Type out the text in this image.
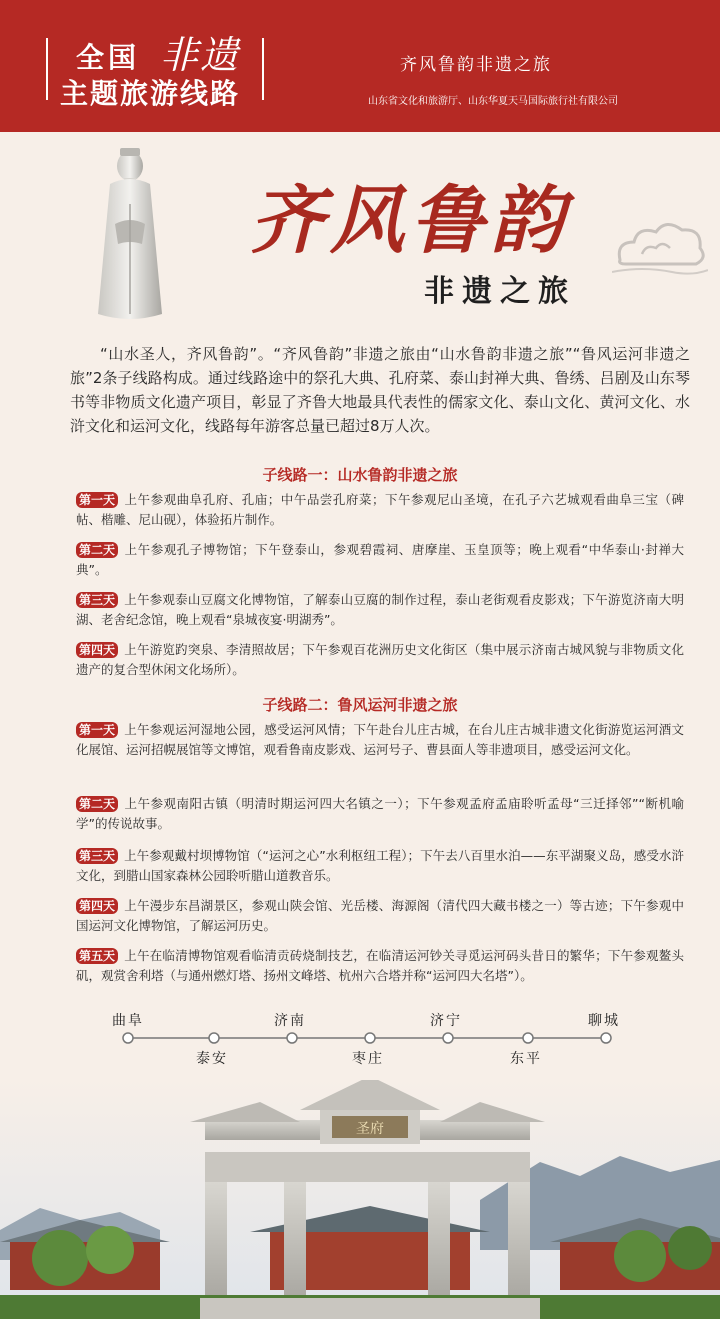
全国 非遗
主题旅游线路
齐风鲁韵非遗之旅
山东省文化和旅游厅、山东华夏天马国际旅行社有限公司
齐风鲁韵
非遗之旅
“山水圣人，齐风鲁韵”。“齐风鲁韵”非遗之旅由“山水鲁韵非遗之旅”“鲁风运河非遗之旅”2条子线路构成。通过线路途中的祭孔大典、孔府菜、泰山封禅大典、鲁绣、吕剧及山东琴书等非物质文化遗产项目，彰显了齐鲁大地最具代表性的儒家文化、泰山文化、黄河文化、水浒文化和运河文化，线路每年游客总量已超过8万人次。
子线路一：山水鲁韵非遗之旅
第一天 上午参观曲阜孔府、孔庙；中午品尝孔府菜；下午参观尼山圣境，在孔子六艺城观看曲阜三宝（碑帖、楷雕、尼山砚），体验拓片制作。
第二天 上午参观孔子博物馆；下午登泰山，参观碧霞祠、唐摩崖、玉皇顶等；晚上观看“中华泰山·封禅大典”。
第三天 上午参观泰山豆腐文化博物馆，了解泰山豆腐的制作过程，泰山老街观看皮影戏；下午游览济南大明湖、老舍纪念馆，晚上观看“泉城夜宴·明湖秀”。
第四天 上午游览趵突泉、李清照故居；下午参观百花洲历史文化街区（集中展示济南古城风貌与非物质文化遗产的复合型休闲文化场所）。
子线路二：鲁风运河非遗之旅
第一天 上午参观运河湿地公园，感受运河风情；下午赴台儿庄古城，在台儿庄古城非遗文化街游览运河酒文化展馆、运河招幌展馆等文博馆，观看鲁南皮影戏、运河号子、曹县面人等非遗项目，感受运河文化。
第二天 上午参观南阳古镇（明清时期运河四大名镇之一）；下午参观孟府孟庙聆听孟母“三迁择邻”“断机喻学”的传说故事。
第三天 上午参观戴村坝博物馆（“运河之心”水利枢纽工程）；下午去八百里水泊——东平湖聚义岛，感受水浒文化，到腊山国家森林公园聆听腊山道教音乐。
第四天 上午漫步东昌湖景区，参观山陕会馆、光岳楼、海源阁（清代四大藏书楼之一）等古迹；下午参观中国运河文化博物馆，了解运河历史。
第五天 上午在临清博物馆观看临清贡砖烧制技艺，在临清运河钞关寻觅运河码头昔日的繁华；下午参观鳌头矶，观赏舍利塔（与通州燃灯塔、扬州文峰塔、杭州六合塔并称“运河四大名塔”）。
曲阜	济南	济宁	聊城
泰安	枣庄	东平
圣府
